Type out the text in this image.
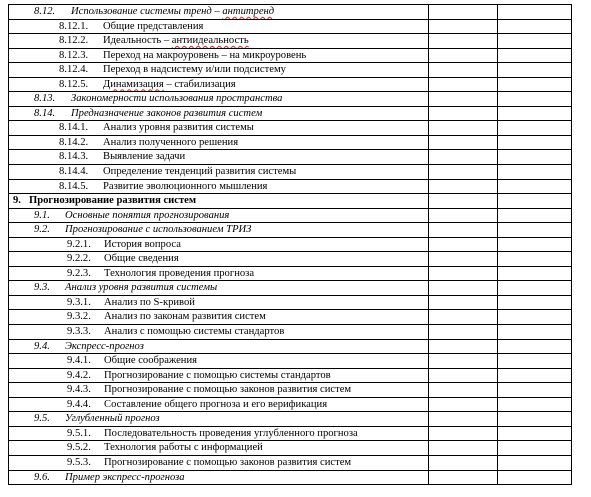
8.12. Использование системы тренд – антитренд		

8.12.1. Общие представления		

8.12.2. Идеальность – антиидеальность		

8.12.3. Переход на макроуровень – на микроуровень		

8.12.4. Переход в надсистему и/или подсистему		

8.12.5. Динамизация – стабилизация		

8.13. Закономерности использования пространства		

8.14. Предназначение законов развития систем		

8.14.1. Анализ уровня развития системы		

8.14.2. Анализ полученного решения		

8.14.3. Выявление задачи		

8.14.4. Определение тенденций развития системы		

8.14.5. Развитие эволюционного мышления		

9. Прогнозирование развития систем		

9.1. Основные понятия прогнозирования		

9.2. Прогнозирование с использованием ТРИЗ		

9.2.1. История вопроса		

9.2.2. Общие сведения		

9.2.3. Технология проведения прогноза		

9.3. Анализ уровня развития системы		

9.3.1. Анализ по S-кривой		

9.3.2. Анализ по законам развития систем		

9.3.3. Анализ с помощью системы стандартов		

9.4. Экспресс-прогноз		

9.4.1. Общие соображения		

9.4.2. Прогнозирование с помощью системы стандартов		

9.4.3. Прогнозирование с помощью законов развития систем		

9.4.4. Составление общего прогноза и его верификация		

9.5. Углубленный прогноз		

9.5.1. Последовательность проведения углубленного прогноза		

9.5.2. Технология работы с информацией		

9.5.3. Прогнозирование с помощью законов развития систем		

9.6. Пример экспресс-прогноза		
